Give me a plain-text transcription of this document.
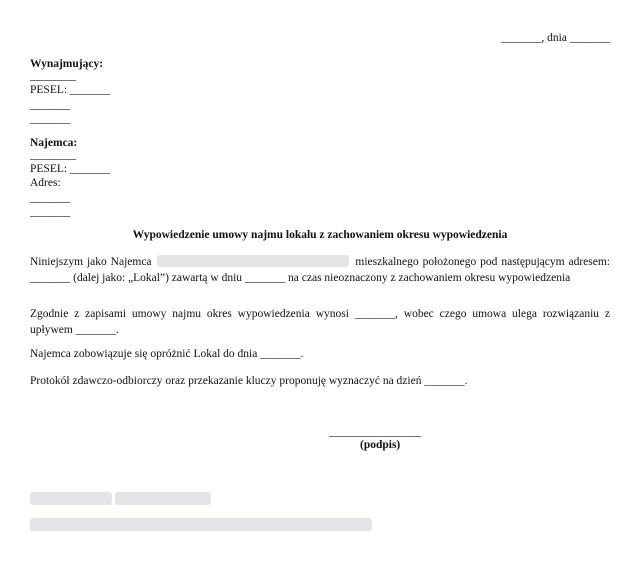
_______, dnia _______
Wynajmujący:
________
PESEL: _______
_______
_______
Najemca:
________
PESEL: _______
Adres:
_______
_______
Wypowiedzenie umowy najmu lokalu z zachowaniem okresu wypowiedzenia
Niniejszym jako Najemca	mieszkalnego położonego pod następującym adresem: _______ (dalej jako: „Lokal”) zawartą w dniu _______ na czas nieoznaczony z zachowaniem okresu wypowiedzenia
Zgodnie z zapisami umowy najmu okres wypowiedzenia wynosi _______, wobec czego umowa ulega rozwiązaniu z upływem _______.
Najemca zobowiązuje się opróżnić Lokal do dnia _______.
Protokół zdawczo-odbiorczy oraz przekazanie kluczy proponuję wyznaczyć na dzień _______.
________________
(podpis)
